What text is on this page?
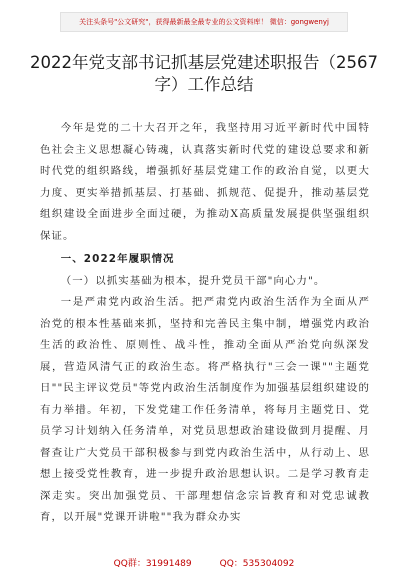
关注头条号"公文研究"，获得最新最全最专业的公文资料库！ 微信：gongwenyj
2022年党支部书记抓基层党建述职报告（2567字）工作总结

今年是党的二十大召开之年，我坚持用习近平新时代中国特色社会主义思想凝心铸魂，认真落实新时代党的建设总要求和新时代党的组织路线，增强抓好基层党建工作的政治自觉，以更大力度、更实举措抓基层、打基础、抓规范、促提升，推动基层党组织建设全面进步全面过硬，为推动X高质量发展提供坚强组织保证。

一、2022年履职情况

（一）以抓实基础为根本，提升党员干部"向心力"。

一是严肃党内政治生活。把严肃党内政治生活作为全面从严治党的根本性基础来抓，坚持和完善民主集中制，增强党内政治生活的政治性、原则性、战斗性，推动全面从严治党向纵深发展，营造风清气正的政治生态。将严格执行"三会一课""主题党日""民主评议党员"等党内政治生活制度作为加强基层组织建设的有力举措。年初，下发党建工作任务清单，将每月主题党日、党员学习计划纳入任务清单，对党员思想政治建设做到月提醒、月督查让广大党员干部积极参与到党内政治生活中，从行动上、思想上接受党性教育，进一步提升政治思想认识。二是学习教育走深走实。突出加强党员、干部理想信念宗旨教育和对党忠诚教育，以开展"党课开讲啦""我为群众办实

QQ群：31991489	QQ：535304092
